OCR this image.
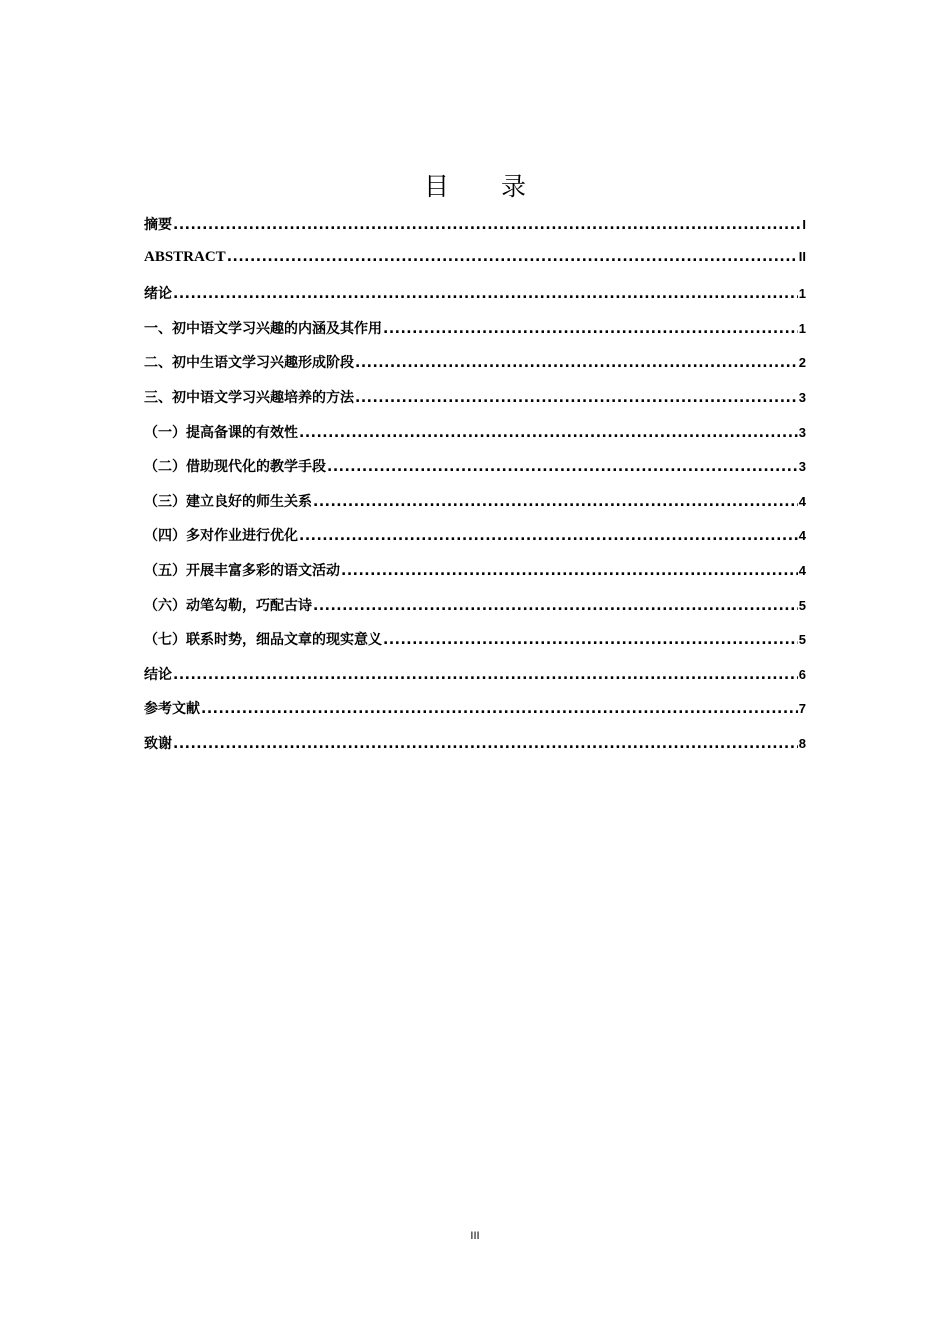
目 录
摘要 .....	I
ABSTRACT .....	II
绪论 .....	1
一、初中语文学习兴趣的内涵及其作用 .....	1
二、初中生语文学习兴趣形成阶段 .....	2
三、初中语文学习兴趣培养的方法 .....	3
（一）提高备课的有效性 .....	3
（二）借助现代化的教学手段 .....	3
（三）建立良好的师生关系 .....	4
（四）多对作业进行优化 .....	4
（五）开展丰富多彩的语文活动 .....	4
（六）动笔勾勒，巧配古诗 .....	5
（七）联系时势，细品文章的现实意义 .....	5
结论 .....	6
参考文献 .....	7
致谢 .....	8
III
